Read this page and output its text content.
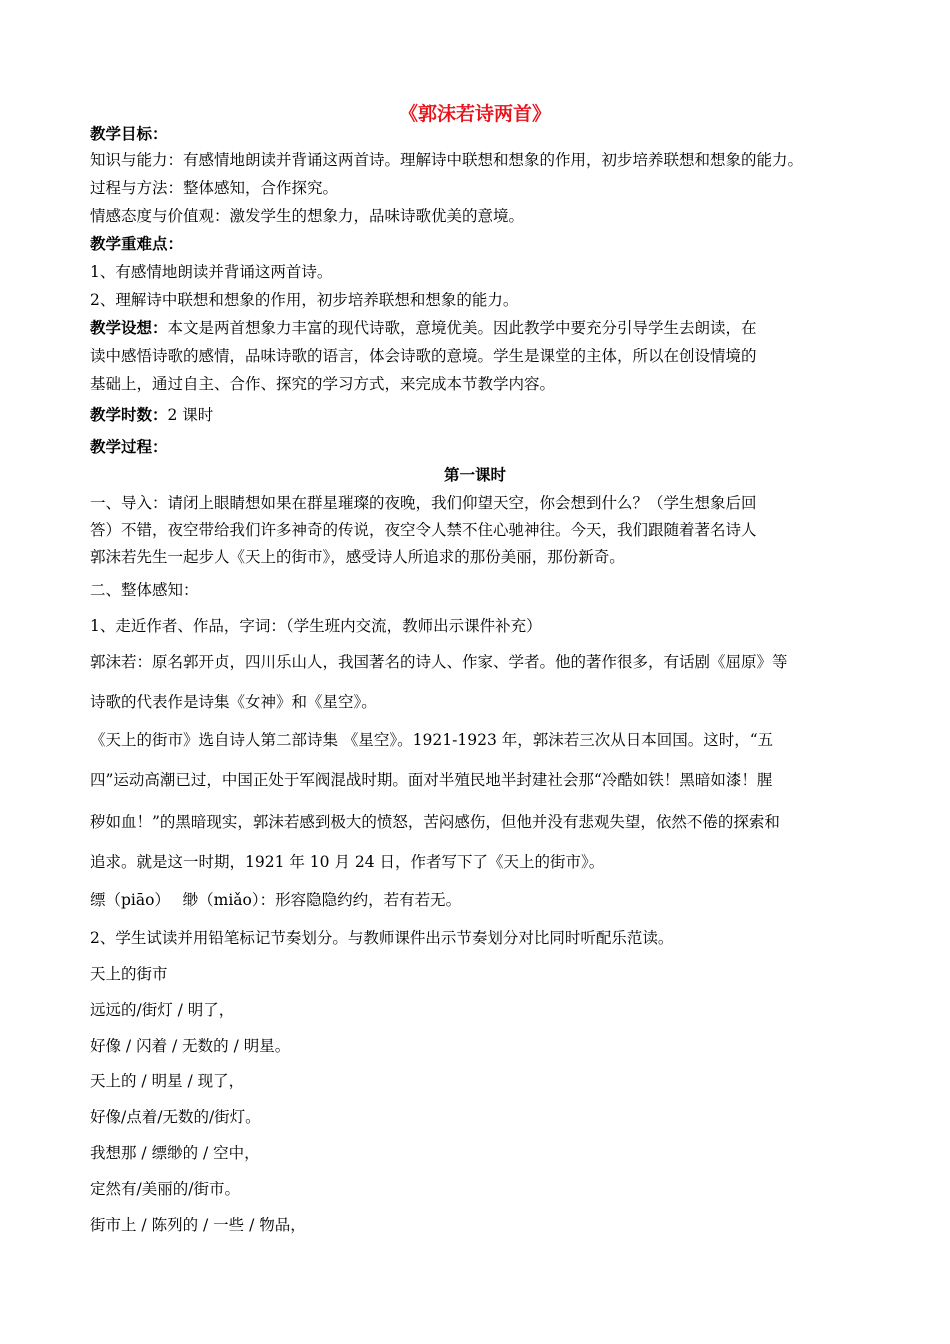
《郭沫若诗两首》
教学目标：
知识与能力：有感情地朗读并背诵这两首诗。理解诗中联想和想象的作用，初步培养联想和想象的能力。
过程与方法：整体感知，合作探究。
情感态度与价值观：激发学生的想象力，品味诗歌优美的意境。
教学重难点：
1、有感情地朗读并背诵这两首诗。
2、理解诗中联想和想象的作用，初步培养联想和想象的能力。
教学设想：本文是两首想象力丰富的现代诗歌，意境优美。因此教学中要充分引导学生去朗读，在
读中感悟诗歌的感情，品味诗歌的语言，体会诗歌的意境。学生是课堂的主体，所以在创设情境的
基础上，通过自主、合作、探究的学习方式，来完成本节教学内容。
教学时数：2 课时
教学过程：
第一课时
一、导入：请闭上眼睛想如果在群星璀璨的夜晚，我们仰望天空，你会想到什么？（学生想象后回
答）不错，夜空带给我们许多神奇的传说，夜空令人禁不住心驰神往。今天，我们跟随着著名诗人
郭沫若先生一起步人《天上的街市》，感受诗人所追求的那份美丽，那份新奇。
二、整体感知：
1、走近作者、作品，字词：（学生班内交流，教师出示课件补充）
郭沫若：原名郭开贞，四川乐山人，我国著名的诗人、作家、学者。他的著作很多，有话剧《屈原》等
诗歌的代表作是诗集《女神》和《星空》。
《天上的街市》选自诗人第二部诗集 《星空》。1921-1923 年，郭沫若三次从日本回国。这时，“五
四”运动高潮已过，中国正处于军阀混战时期。面对半殖民地半封建社会那“冷酷如铁！黑暗如漆！腥
秽如血！”的黑暗现实，郭沫若感到极大的愤怒，苦闷感伤，但他并没有悲观失望，依然不倦的探索和
追求。就是这一时期，1921 年 10 月 24 日，作者写下了《天上的街市》。
缥（piāo）　 缈（miǎo）：形容隐隐约约，若有若无。
2、学生试读并用铅笔标记节奏划分。与教师课件出示节奏划分对比同时听配乐范读。
天上的街市
远远的/街灯 / 明了，
好像 / 闪着 / 无数的 / 明星。
天上的 / 明星 / 现了，
好像/点着/无数的/街灯。
我想那 / 缥缈的 / 空中，
定然有/美丽的/街市。
街市上 / 陈列的 / 一些 / 物品，
